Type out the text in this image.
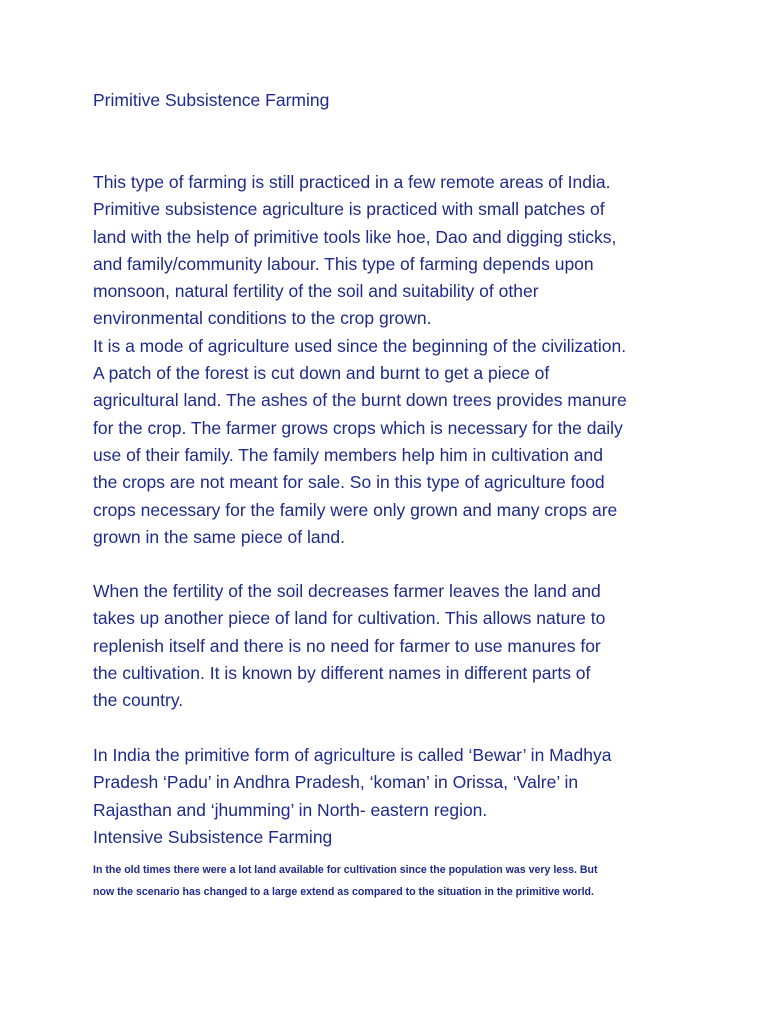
Primitive Subsistence Farming

This type of farming is still practiced in a few remote areas of India.
Primitive subsistence agriculture is practiced with small patches of
land with the help of primitive tools like hoe, Dao and digging sticks,
and family/community labour. This type of farming depends upon
monsoon, natural fertility of the soil and suitability of other
environmental conditions to the crop grown.
It is a mode of agriculture used since the beginning of the civilization.
A patch of the forest is cut down and burnt to get a piece of
agricultural land. The ashes of the burnt down trees provides manure
for the crop. The farmer grows crops which is necessary for the daily
use of their family. The family members help him in cultivation and
the crops are not meant for sale. So in this type of agriculture food
crops necessary for the family were only grown and many crops are
grown in the same piece of land.

When the fertility of the soil decreases farmer leaves the land and
takes up another piece of land for cultivation. This allows nature to
replenish itself and there is no need for farmer to use manures for
the cultivation. It is known by different names in different parts of
the country.

In India the primitive form of agriculture is called ‘Bewar’ in Madhya
Pradesh ‘Padu’ in Andhra Pradesh, ‘koman’ in Orissa, ‘Valre’ in
Rajasthan and ‘jhumming’ in North- eastern region.
Intensive Subsistence Farming

In the old times there were a lot land available for cultivation since the population was very less. But
now the scenario has changed to a large extend as compared to the situation in the primitive world.
